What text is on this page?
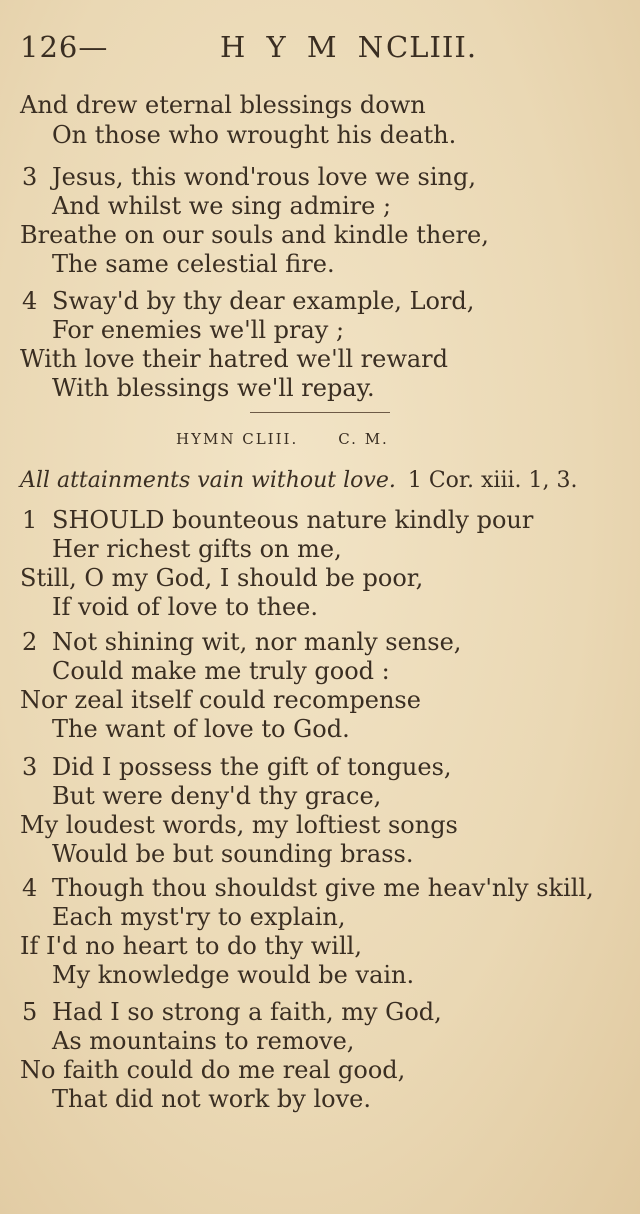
126—	H Y M N
CLIII.
And drew eternal blessings down
On those who wrought his death.
3 Jesus, this wond'rous love we sing,
And whilst we sing admire ;
Breathe on our souls and kindle there,
The same celestial fire.
4 Sway'd by thy dear example, Lord,
For enemies we'll pray ;
With love their hatred we'll reward
With blessings we'll repay.
HYMN CLIII.	C. M.
All attainments vain without love. 1 Cor. xiii. 1, 3.
1 SHOULD bounteous nature kindly pour
Her richest gifts on me,
Still, O my God, I should be poor,
If void of love to thee.
2 Not shining wit, nor manly sense,
Could make me truly good :
Nor zeal itself could recompense
The want of love to God.
3 Did I possess the gift of tongues,
But were deny'd thy grace,
My loudest words, my loftiest songs
Would be but sounding brass.
4 Though thou shouldst give me heav'nly skill,
Each myst'ry to explain,
If I'd no heart to do thy will,
My knowledge would be vain.
5 Had I so strong a faith, my God,
As mountains to remove,
No faith could do me real good,
That did not work by love.
